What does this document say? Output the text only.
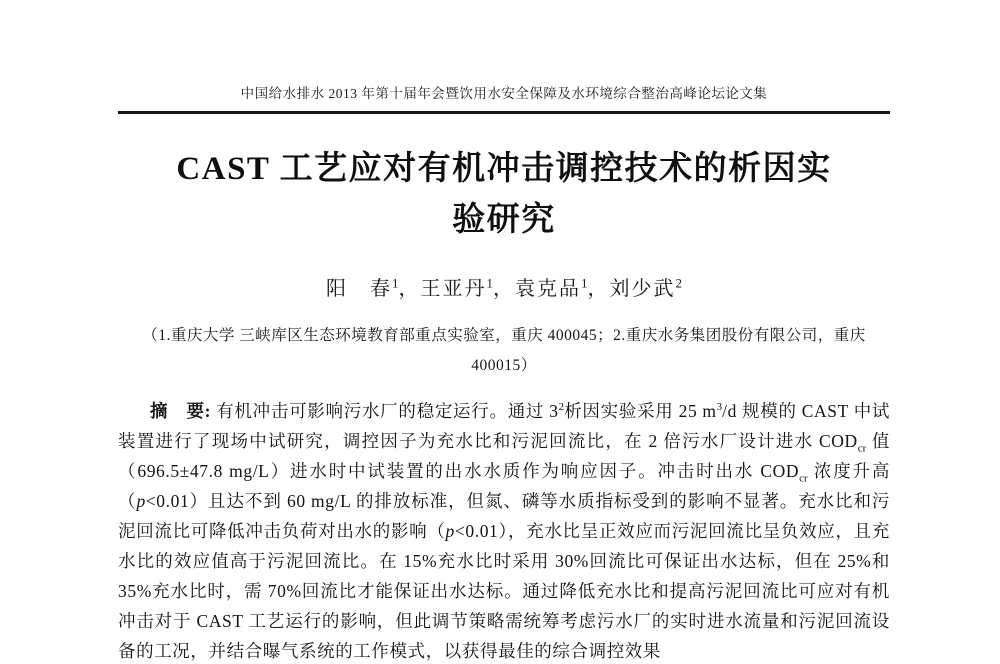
中国给水排水 2013 年第十届年会暨饮用水安全保障及水环境综合整治高峰论坛论文集
CAST 工艺应对有机冲击调控技术的析因实
验研究
阳　春$^1$，王亚丹$^1$，袁克品$^1$，刘少武$^2$
（1.重庆大学 三峡库区生态环境教育部重点实验室，重庆 400045；2.重庆水务集团股份有限公司，重庆 400015）

摘　要: 有机冲击可影响污水厂的稳定运行。通过 $3^2$析因实验采用 25 $m^3/d$ 规模的 CAST 中试装置进行了现场中试研究，调控因子为充水比和污泥回流比，在 2 倍污水厂设计进水 $COD_{cr}$ 值（696.5±47.8 mg/L）进水时中试装置的出水水质作为响应因子。冲击时出水 $COD_{cr}$ 浓度升高（p<0.01）且达不到 60 mg/L 的排放标准，但氮、磷等水质指标受到的影响不显著。充水比和污泥回流比可降低冲击负荷对出水的影响（p<0.01），充水比呈正效应而污泥回流比呈负效应，且充水比的效应值高于污泥回流比。在 15%充水比时采用 30%回流比可保证出水达标，但在 25%和 35%充水比时，需 70%回流比才能保证出水达标。通过降低充水比和提高污泥回流比可应对有机冲击对于 CAST 工艺运行的影响，但此调节策略需统筹考虑污水厂的实时进水流量和污泥回流设备的工况，并结合曝气系统的工作模式，以获得最佳的综合调控效果
